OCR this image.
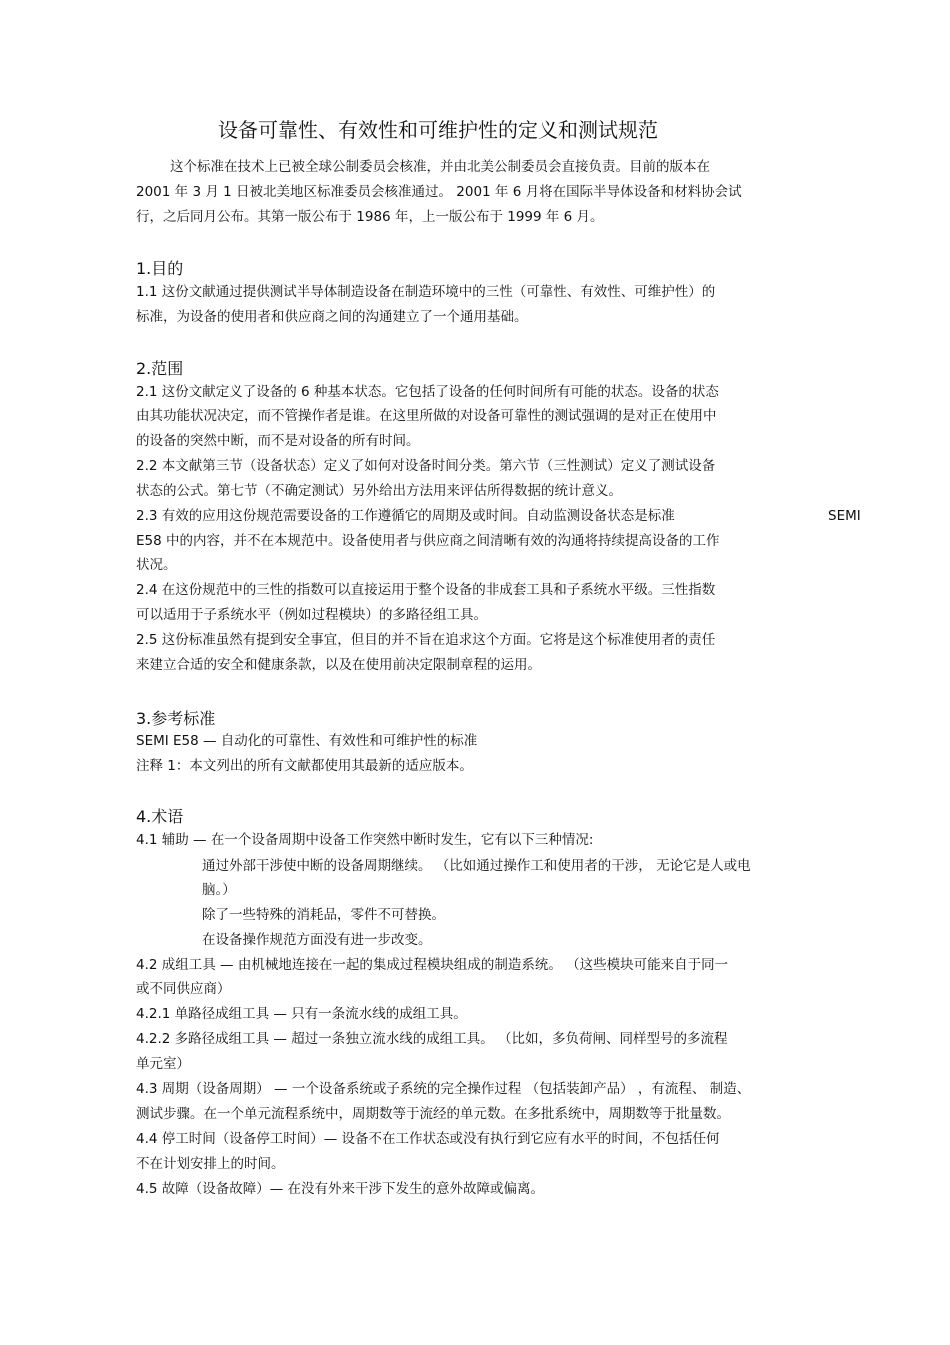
设备可靠性、有效性和可维护性的定义和测试规范
这个标准在技术上已被全球公制委员会核准，并由北美公制委员会直接负责。目前的版本在
2001 年 3 月 1 日被北美地区标准委员会核准通过。 2001 年 6 月将在国际半导体设备和材料协会试
行，之后同月公布。其第一版公布于 1986 年，上一版公布于 1999 年 6 月。
1.目的
1.1 这份文献通过提供测试半导体制造设备在制造环境中的三性（可靠性、有效性、可维护性）的
标准，为设备的使用者和供应商之间的沟通建立了一个通用基础。
2.范围
2.1 这份文献定义了设备的 6 种基本状态。它包括了设备的任何时间所有可能的状态。设备的状态
由其功能状况决定，而不管操作者是谁。在这里所做的对设备可靠性的测试强调的是对正在使用中
的设备的突然中断，而不是对设备的所有时间。
2.2 本文献第三节（设备状态）定义了如何对设备时间分类。第六节（三性测试）定义了测试设备
状态的公式。第七节（不确定测试）另外给出方法用来评估所得数据的统计意义。
2.3 有效的应用这份规范需要设备的工作遵循它的周期及或时间。自动监测设备状态是标准	SEMI
E58 中的内容，并不在本规范中。设备使用者与供应商之间清晰有效的沟通将持续提高设备的工作
状况。
2.4 在这份规范中的三性的指数可以直接运用于整个设备的非成套工具和子系统水平级。三性指数
可以适用于子系统水平（例如过程模块）的多路径组工具。
2.5 这份标准虽然有提到安全事宜，但目的并不旨在追求这个方面。它将是这个标准使用者的责任
来建立合适的安全和健康条款，以及在使用前决定限制章程的运用。
3.参考标准
SEMI E58 — 自动化的可靠性、有效性和可维护性的标准
注释 1：本文列出的所有文献都使用其最新的适应版本。
4.术语
4.1 辅助 — 在一个设备周期中设备工作突然中断时发生，它有以下三种情况:
通过外部干涉使中断的设备周期继续。 （比如通过操作工和使用者的干涉， 无论它是人或电
脑。）
除了一些特殊的消耗品，零件不可替换。
在设备操作规范方面没有进一步改变。
4.2 成组工具 — 由机械地连接在一起的集成过程模块组成的制造系统。 （这些模块可能来自于同一
或不同供应商）
4.2.1 单路径成组工具 — 只有一条流水线的成组工具。
4.2.2 多路径成组工具 — 超过一条独立流水线的成组工具。 （比如，多负荷闸、同样型号的多流程
单元室）
4.3 周期（设备周期） — 一个设备系统或子系统的完全操作过程 （包括装卸产品） ，有流程、 制造、
测试步骤。在一个单元流程系统中，周期数等于流经的单元数。在多批系统中，周期数等于批量数。
4.4 停工时间（设备停工时间）— 设备不在工作状态或没有执行到它应有水平的时间，不包括任何
不在计划安排上的时间。
4.5 故障（设备故障）— 在没有外来干涉下发生的意外故障或偏离。
